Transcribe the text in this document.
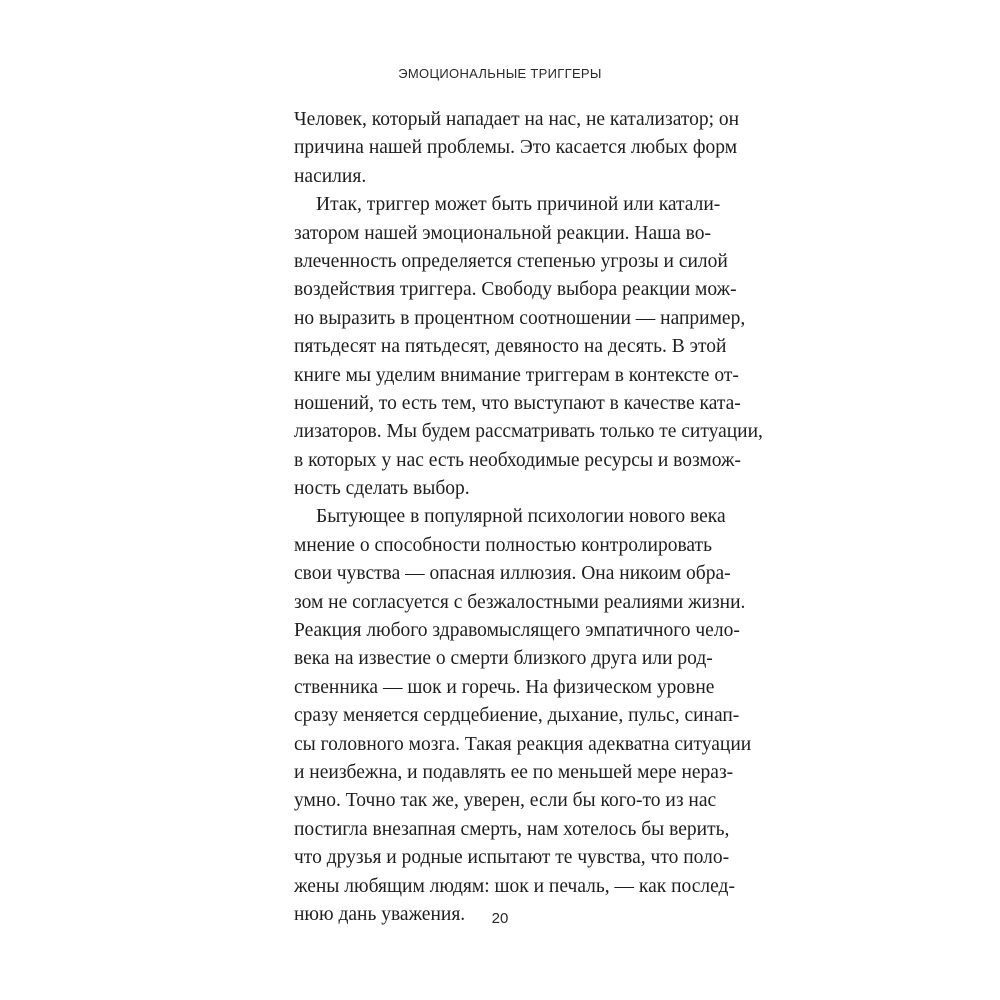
ЭМОЦИОНАЛЬНЫЕ ТРИГГЕРЫ
Человек, который нападает на нас, не катализатор; он
причина нашей проблемы. Это касается любых форм
насилия.
Итак, триггер может быть причиной или катали-
затором нашей эмоциональной реакции. Наша во-
влеченность определяется степенью угрозы и силой
воздействия триггера. Свободу выбора реакции мож-
но выразить в процентном соотношении — например,
пятьдесят на пятьдесят, девяносто на десять. В этой
книге мы уделим внимание триггерам в контексте от-
ношений, то есть тем, что выступают в качестве ката-
лизаторов. Мы будем рассматривать только те ситуации,
в которых у нас есть необходимые ресурсы и возмож-
ность сделать выбор.
Бытующее в популярной психологии нового века
мнение о способности полностью контролировать
свои чувства — опасная иллюзия. Она никоим обра-
зом не согласуется с безжалостными реалиями жизни.
Реакция любого здравомыслящего эмпатичного чело-
века на известие о смерти близкого друга или род-
ственника — шок и горечь. На физическом уровне
сразу меняется сердцебиение, дыхание, пульс, синап-
сы головного мозга. Такая реакция адекватна ситуации
и неизбежна, и подавлять ее по меньшей мере нераз-
умно. Точно так же, уверен, если бы кого-то из нас
постигла внезапная смерть, нам хотелось бы верить,
что друзья и родные испытают те чувства, что поло-
жены любящим людям: шок и печаль, — как послед-
нюю дань уважения.	20
